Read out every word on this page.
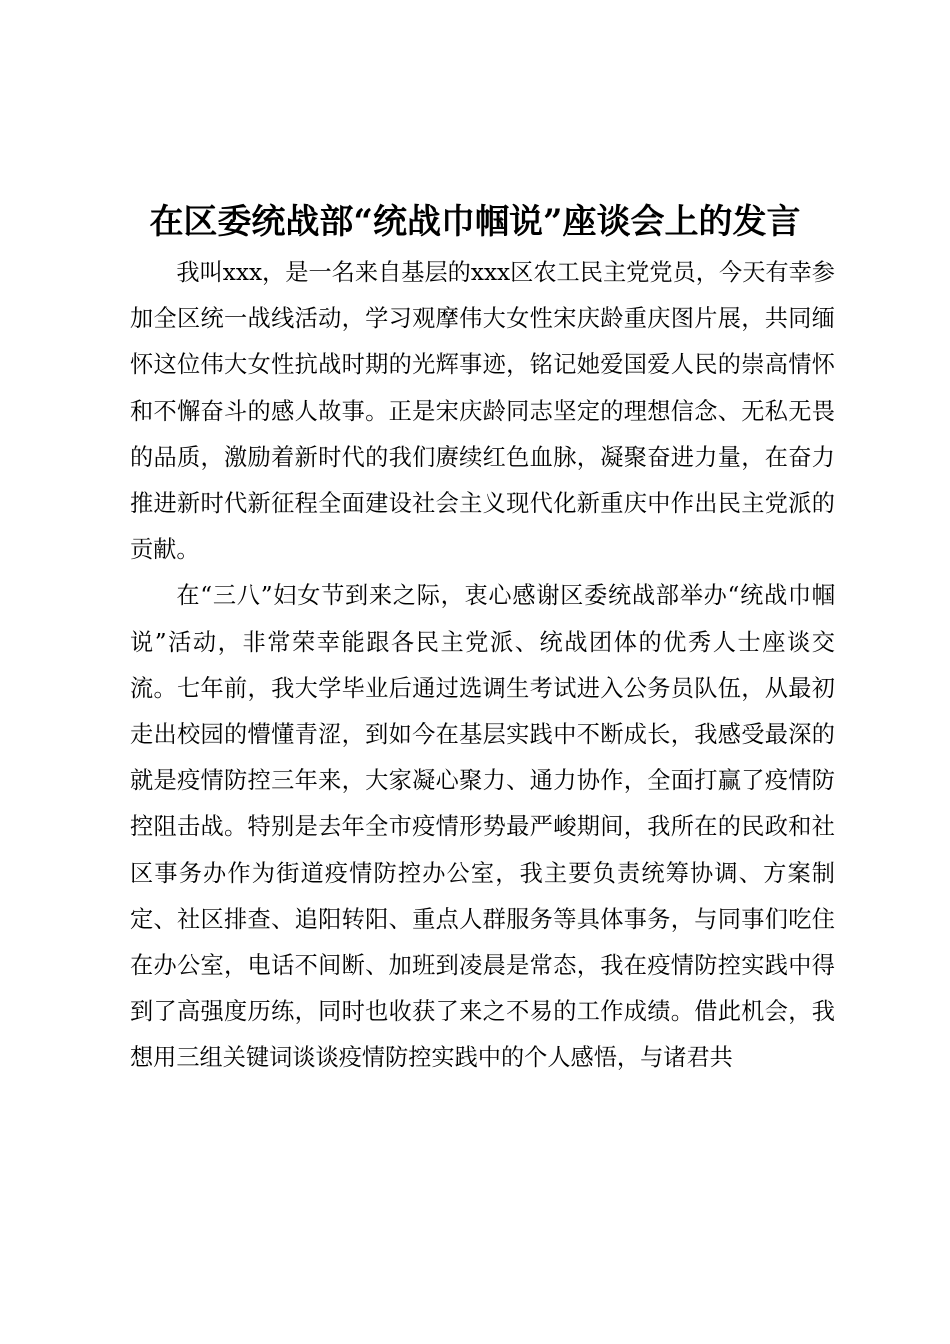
在区委统战部“统战巾帼说”座谈会上的发言

我叫xxx，是一名来自基层的xxx区农工民主党党员，今天有幸参加全区统一战线活动，学习观摩伟大女性宋庆龄重庆图片展，共同缅怀这位伟大女性抗战时期的光辉事迹，铭记她爱国爱人民的崇高情怀和不懈奋斗的感人故事。正是宋庆龄同志坚定的理想信念、无私无畏的品质，激励着新时代的我们赓续红色血脉，凝聚奋进力量，在奋力推进新时代新征程全面建设社会主义现代化新重庆中作出民主党派的贡献。

在“三八”妇女节到来之际，衷心感谢区委统战部举办“统战巾帼说”活动，非常荣幸能跟各民主党派、统战团体的优秀人士座谈交流。七年前，我大学毕业后通过选调生考试进入公务员队伍，从最初走出校园的懵懂青涩，到如今在基层实践中不断成长，我感受最深的就是疫情防控三年来，大家凝心聚力、通力协作，全面打赢了疫情防控阻击战。特别是去年全市疫情形势最严峻期间，我所在的民政和社区事务办作为街道疫情防控办公室，我主要负责统筹协调、方案制定、社区排查、追阳转阳、重点人群服务等具体事务，与同事们吃住在办公室，电话不间断、加班到凌晨是常态，我在疫情防控实践中得到了高强度历练，同时也收获了来之不易的工作成绩。借此机会，我想用三组关键词谈谈疫情防控实践中的个人感悟，与诸君共
